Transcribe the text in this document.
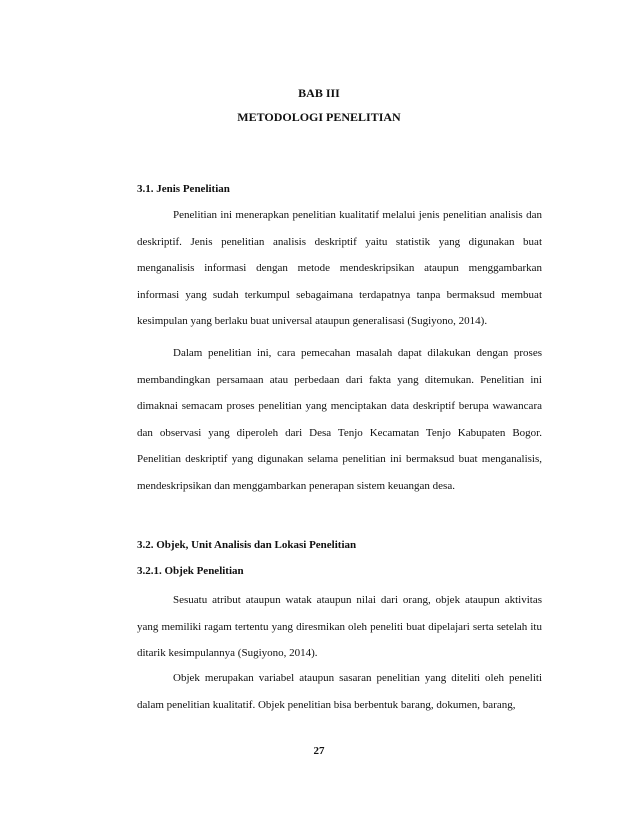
BAB III
METODOLOGI PENELITIAN
3.1. Jenis Penelitian

Penelitian ini menerapkan penelitian kualitatif melalui jenis penelitian analisis dan deskriptif. Jenis penelitian analisis deskriptif yaitu statistik yang digunakan buat menganalisis informasi dengan metode mendeskripsikan ataupun menggambarkan informasi yang sudah terkumpul sebagaimana terdapatnya tanpa bermaksud membuat kesimpulan yang berlaku buat universal ataupun generalisasi (Sugiyono, 2014).

Dalam penelitian ini, cara pemecahan masalah dapat dilakukan dengan proses membandingkan persamaan atau perbedaan dari fakta yang ditemukan. Penelitian ini dimaknai semacam proses penelitian yang menciptakan data deskriptif berupa wawancara dan observasi yang diperoleh dari Desa Tenjo Kecamatan Tenjo Kabupaten Bogor. Penelitian deskriptif yang digunakan selama penelitian ini bermaksud buat menganalisis, mendeskripsikan dan menggambarkan penerapan sistem keuangan desa.

3.2. Objek, Unit Analisis dan Lokasi Penelitian
3.2.1. Objek Penelitian

Sesuatu atribut ataupun watak ataupun nilai dari orang, objek ataupun aktivitas yang memiliki ragam tertentu yang diresmikan oleh peneliti buat dipelajari serta setelah itu ditarik kesimpulannya (Sugiyono, 2014).

Objek merupakan variabel ataupun sasaran penelitian yang diteliti oleh peneliti dalam penelitian kualitatif. Objek penelitian bisa berbentuk barang, dokumen, barang,

27
